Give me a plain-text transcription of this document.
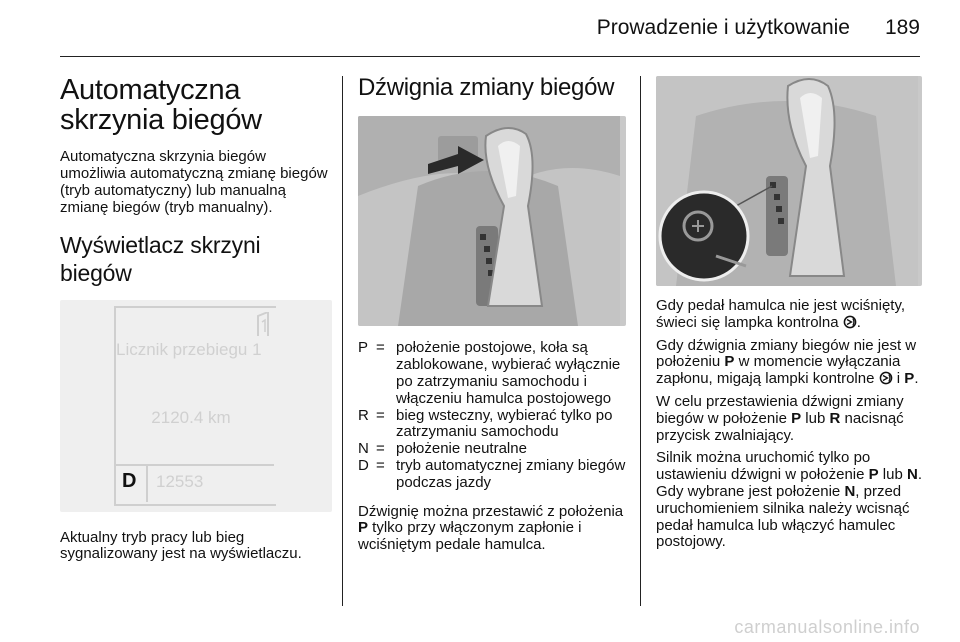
Prowadzenie i użytkowanie 189
Automatyczna skrzynia biegów

Automatyczna skrzynia biegów umożliwia automatyczną zmianę biegów (tryb automatyczny) lub manualną zmianę biegów (tryb manualny).

Wyświetlacz skrzyni biegów
Licznik przebiegu 1
2120.4 km
D 12553

Aktualny tryb pracy lub bieg sygnalizowany jest na wyświetlaczu.

Dźwignia zmiany biegów
P = położenie postojowe, koła są zablokowane, wybierać wyłącznie po zatrzymaniu samochodu i włączeniu hamulca postojowego
R = bieg wsteczny, wybierać tylko po zatrzymaniu samochodu
N = położenie neutralne
D = tryb automatycznej zmiany biegów podczas jazdy

Dźwignię można przestawić z położenia P tylko przy włączonym zapłonie i wciśniętym pedale hamulca.

Gdy pedał hamulca nie jest wciśnięty, świeci się lampka kontrolna .

Gdy dźwignia zmiany biegów nie jest w położeniu P w momencie wyłączania zapłonu, migają lampki kontrolne  i P.

W celu przestawienia dźwigni zmiany biegów w położenie P lub R nacisnąć przycisk zwalniający.

Silnik można uruchomić tylko po ustawieniu dźwigni w położenie P lub N. Gdy wybrane jest położenie N, przed uruchomieniem silnika należy wcisnąć pedał hamulca lub włączyć hamulec postojowy.

carmanualsonline.info
